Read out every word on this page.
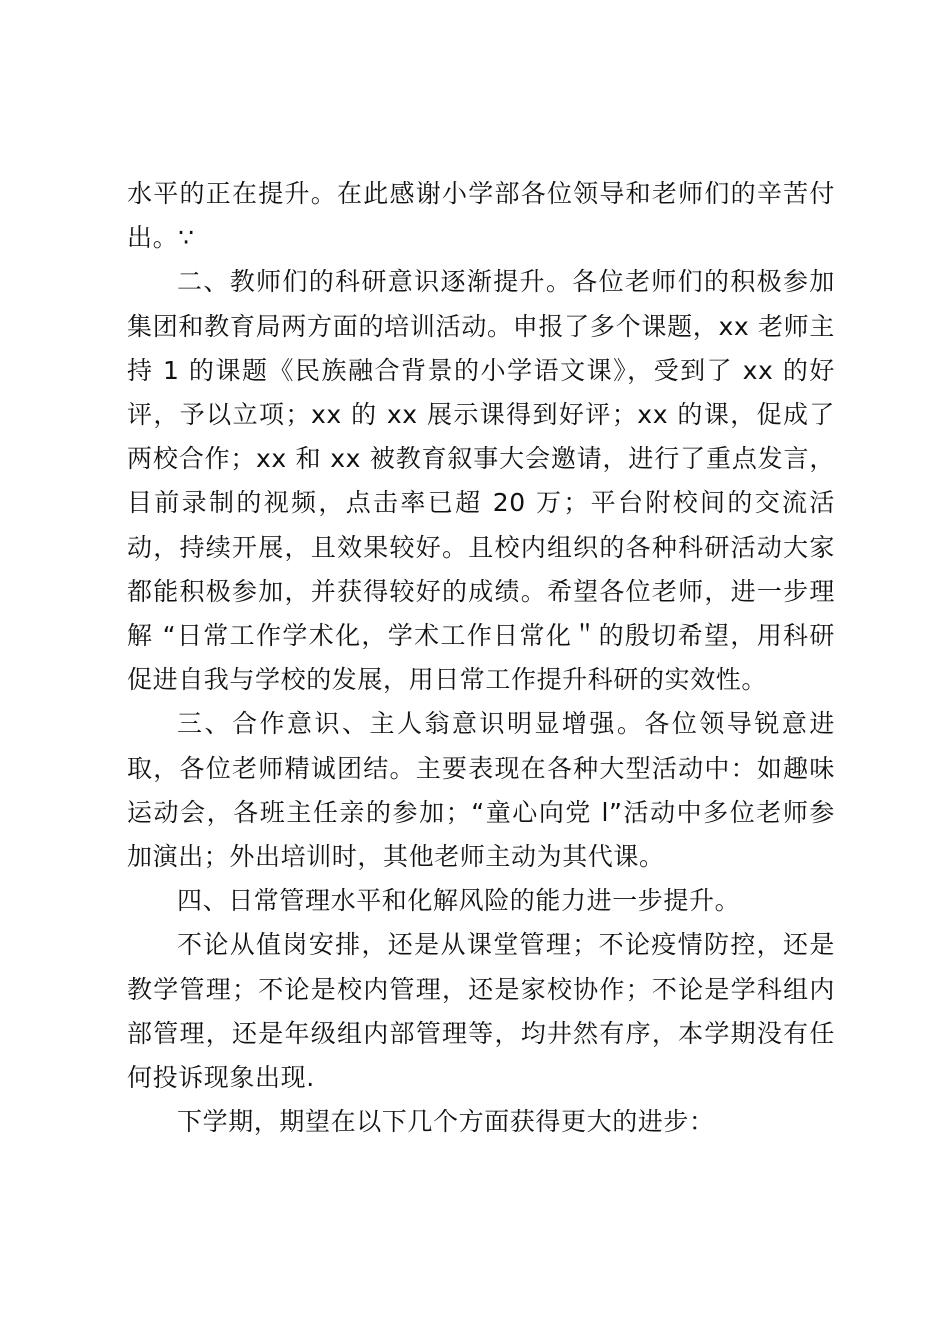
水平的正在提升。在此感谢小学部各位领导和老师们的辛苦付出。∵

二、教师们的科研意识逐渐提升。各位老师们的积极参加集团和教育局两方面的培训活动。申报了多个课题，xx 老师主持 1 的课题《民族融合背景的小学语文课》，受到了 xx 的好评，予以立项；xx 的 xx 展示课得到好评；xx 的课，促成了两校合作；xx 和 xx 被教育叙事大会邀请，进行了重点发言，目前录制的视频，点击率已超 20 万；平台附校间的交流活动，持续开展，且效果较好。且校内组织的各种科研活动大家都能积极参加，并获得较好的成绩。希望各位老师，进一步理解 “日常工作学术化，学术工作日常化＂的殷切希望，用科研促进自我与学校的发展，用日常工作提升科研的实效性。

三、合作意识、主人翁意识明显增强。各位领导锐意进取，各位老师精诚团结。主要表现在各种大型活动中：如趣味运动会，各班主任亲的参加；“童心向党 l”活动中多位老师参加演出；外出培训时，其他老师主动为其代课。

四、日常管理水平和化解风险的能力进一步提升。

不论从值岗安排，还是从课堂管理；不论疫情防控，还是教学管理；不论是校内管理，还是家校协作；不论是学科组内部管理，还是年级组内部管理等，均井然有序，本学期没有任何投诉现象出现.

下学期，期望在以下几个方面获得更大的进步：
